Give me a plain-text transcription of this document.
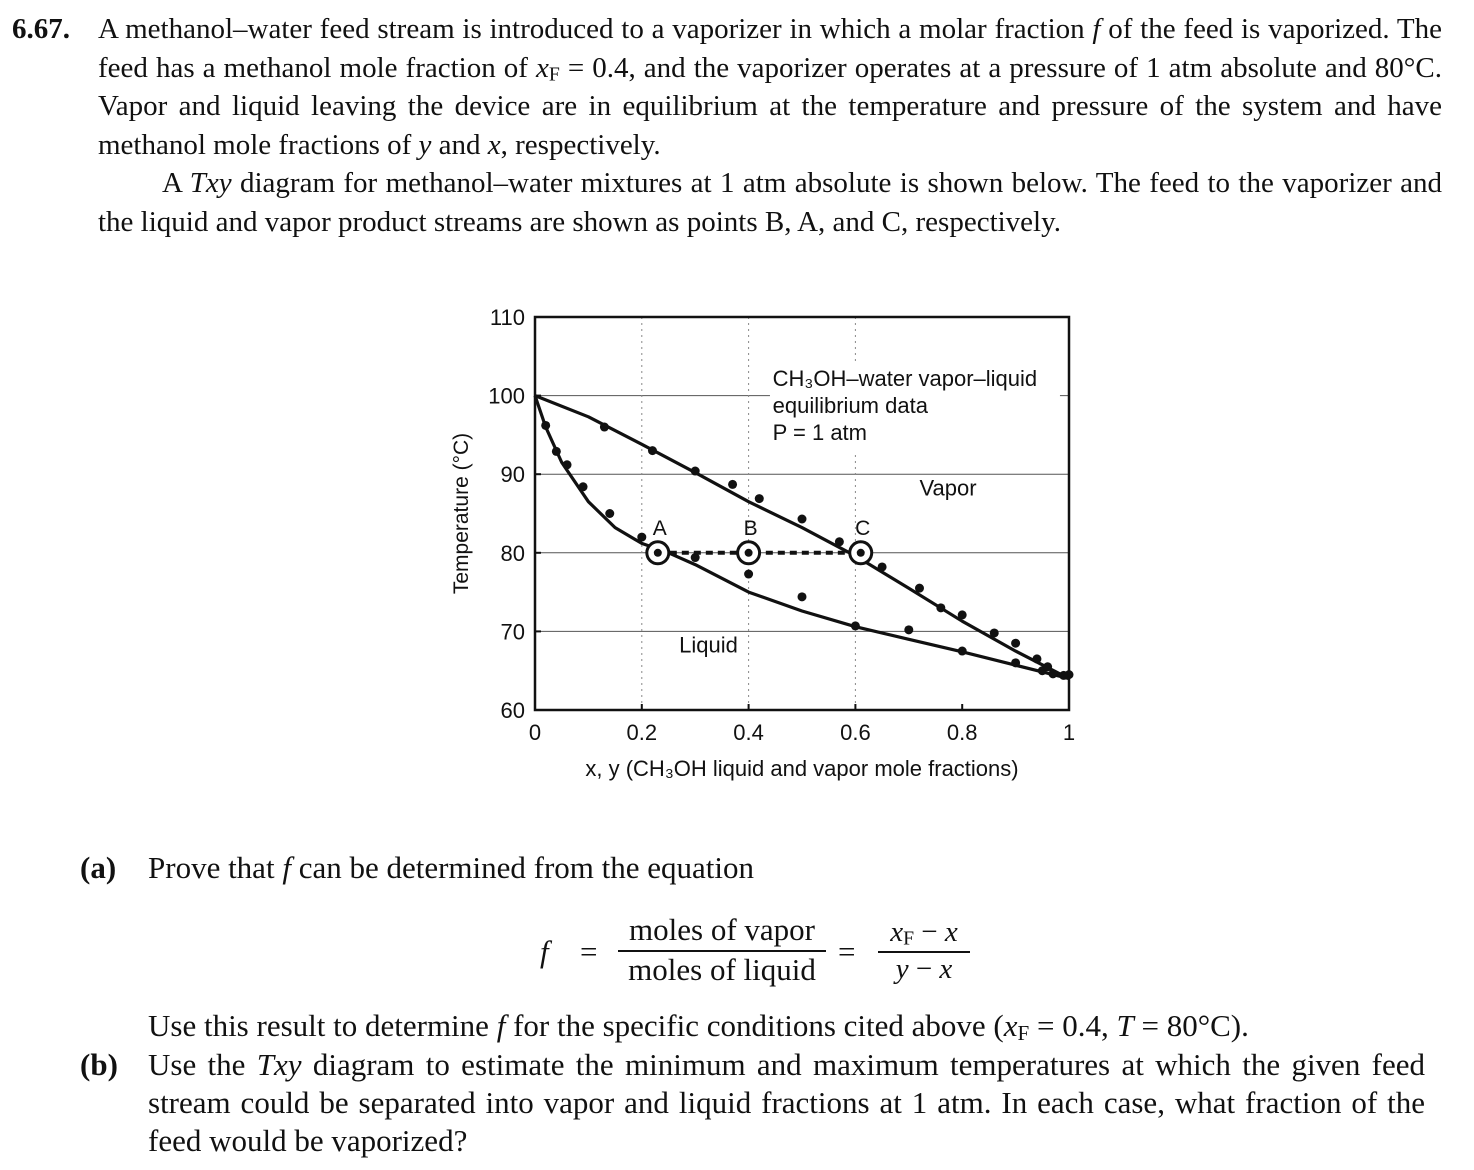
6.67. A methanol–water feed stream is introduced to a vaporizer in which a molar fraction f of the feed is vaporized. The feed has a methanol mole fraction of $x_F = 0.4$, and the vaporizer operates at a pressure of 1 atm absolute and 80°C. Vapor and liquid leaving the device are in equilibrium at the temperature and pressure of the system and have methanol mole fractions of y and x, respectively.
A Txy diagram for methanol–water mixtures at 1 atm absolute is shown below. The feed to the vaporizer and the liquid and vapor product streams are shown as points B, A, and C, respectively.
60
70
80
90
100
110
0	0.2	0.4	0.6	0.8	1
x, y (CH₃OH liquid and vapor mole fractions)
Temperature (°C)
CH₃OH–water vapor–liquid
equilibrium data
P = 1 atm
Liquid
Vapor
A	B	C
(a) Prove that f can be determined from the equation
f =
moles of vapor
moles of liquid
= $\frac{x_F - x}{y - x}$
Use this result to determine f for the specific conditions cited above ($x_F = 0.4$, T = 80°C).
(b) Use the Txy diagram to estimate the minimum and maximum temperatures at which the given feed stream could be separated into vapor and liquid fractions at 1 atm. In each case, what fraction of the feed would be vaporized?
